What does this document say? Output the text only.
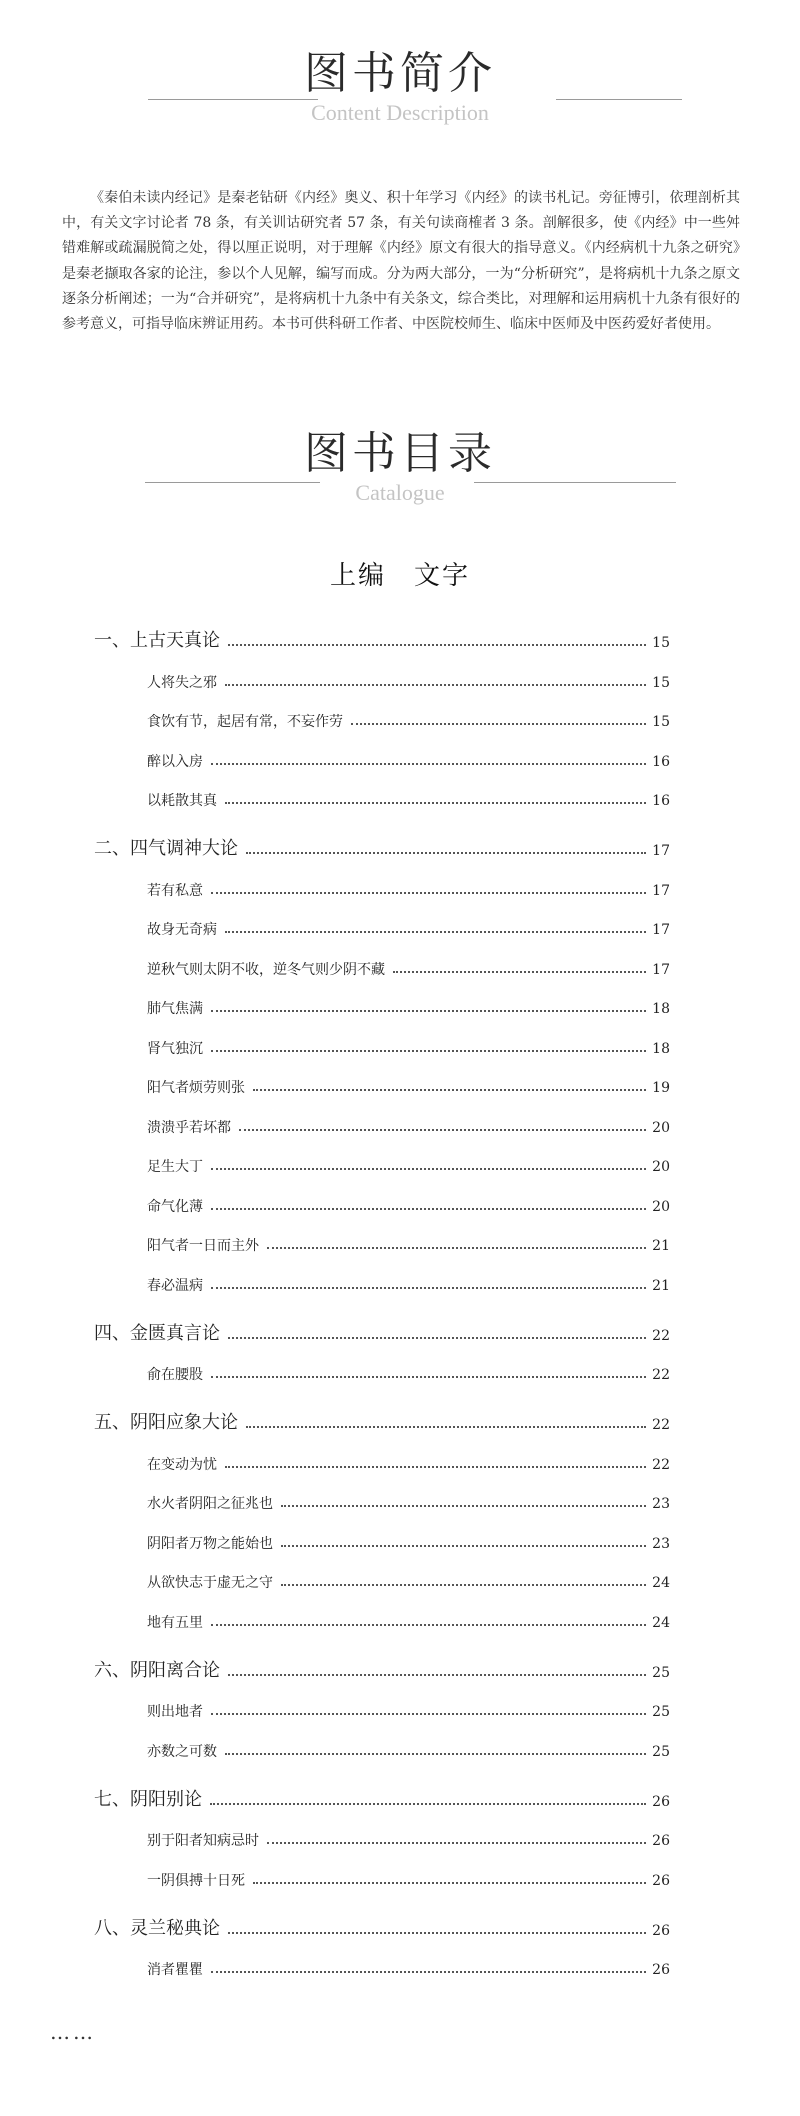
图书简介
Content Description

《秦伯未读内经记》是秦老钻研《内经》奥义、积十年学习《内经》的读书札记。旁征博引，依理剖析其中，有关文字讨论者 78 条，有关训诂研究者 57 条，有关句读商榷者 3 条。剖解很多，使《内经》中一些舛错难解或疏漏脱简之处，得以厘正说明，对于理解《内经》原文有很大的指导意义。《内经病机十九条之研究》是秦老撷取各家的论注，参以个人见解，编写而成。分为两大部分，一为“分析研究”，是将病机十九条之原文逐条分析阐述；一为“合并研究”，是将病机十九条中有关条文，综合类比，对理解和运用病机十九条有很好的参考意义，可指导临床辨证用药。本书可供科研工作者、中医院校师生、临床中医师及中医药爱好者使用。

图书目录
Catalogue
上编　文字
一、上古天真论	15
人将失之邪	15
食饮有节，起居有常，不妄作劳	15
醉以入房	16
以耗散其真	16
二、四气调神大论	17
若有私意	17
故身无奇病	17
逆秋气则太阴不收，逆冬气则少阴不藏	17
肺气焦满	18
肾气独沉	18
阳气者烦劳则张	19
溃溃乎若坏都	20
足生大丁	20
命气化薄	20
阳气者一日而主外	21
春必温病	21
四、金匮真言论	22
俞在腰股	22
五、阴阳应象大论	22
在变动为忧	22
水火者阴阳之征兆也	23
阴阳者万物之能始也	23
从欲快志于虚无之守	24
地有五里	24
六、阴阳离合论	25
则出地者	25
亦数之可数	25
七、阴阳别论	26
别于阳者知病忌时	26
一阴俱搏十日死	26
八、灵兰秘典论	26
消者瞿瞿	26
……
